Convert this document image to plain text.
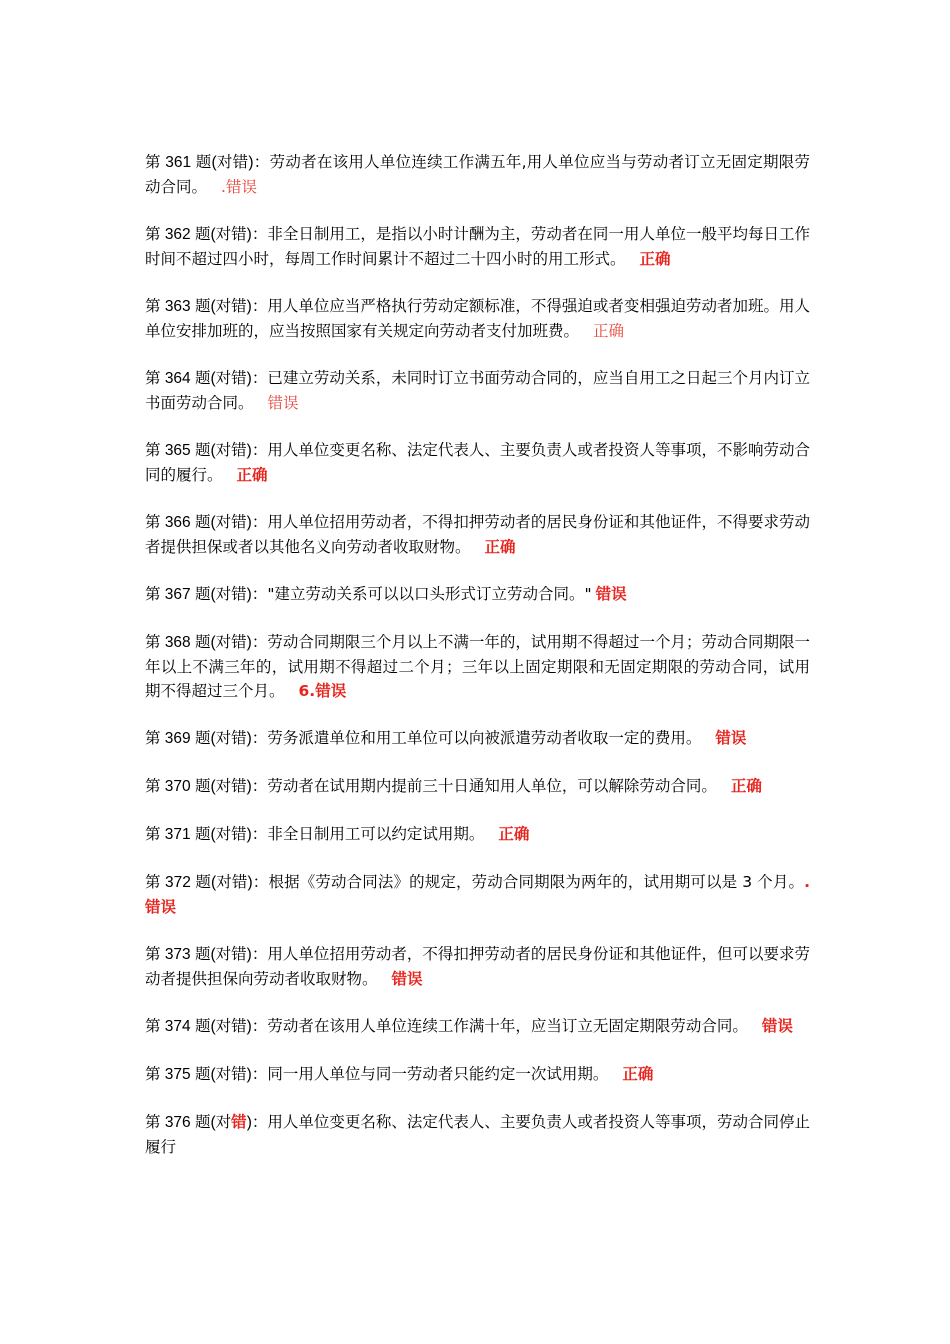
第 361 题(对错)：劳动者在该用人单位连续工作满五年,用人单位应当与劳动者订立无固定期限劳动合同。 .错误
第 362 题(对错)：非全日制用工，是指以小时计酬为主，劳动者在同一用人单位一般平均每日工作时间不超过四小时，每周工作时间累计不超过二十四小时的用工形式。 正确
第 363 题(对错)：用人单位应当严格执行劳动定额标准，不得强迫或者变相强迫劳动者加班。用人单位安排加班的，应当按照国家有关规定向劳动者支付加班费。 正确
第 364 题(对错)：已建立劳动关系，未同时订立书面劳动合同的，应当自用工之日起三个月内订立书面劳动合同。 错误
第 365 题(对错)：用人单位变更名称、法定代表人、主要负责人或者投资人等事项，不影响劳动合同的履行。 正确
第 366 题(对错)：用人单位招用劳动者，不得扣押劳动者的居民身份证和其他证件，不得要求劳动者提供担保或者以其他名义向劳动者收取财物。 正确
第 367 题(对错)："建立劳动关系可以以口头形式订立劳动合同。" 错误
第 368 题(对错)：劳动合同期限三个月以上不满一年的，试用期不得超过一个月；劳动合同期限一年以上不满三年的，试用期不得超过二个月；三年以上固定期限和无固定期限的劳动合同，试用期不得超过三个月。 6.错误
第 369 题(对错)：劳务派遣单位和用工单位可以向被派遣劳动者收取一定的费用。 错误
第 370 题(对错)：劳动者在试用期内提前三十日通知用人单位，可以解除劳动合同。 正确
第 371 题(对错)：非全日制用工可以约定试用期。 正确
第 372 题(对错)：根据《劳动合同法》的规定，劳动合同期限为两年的，试用期可以是 3 个月。.错误
第 373 题(对错)：用人单位招用劳动者，不得扣押劳动者的居民身份证和其他证件，但可以要求劳动者提供担保向劳动者收取财物。 错误
第 374 题(对错)：劳动者在该用人单位连续工作满十年，应当订立无固定期限劳动合同。 错误
第 375 题(对错)：同一用人单位与同一劳动者只能约定一次试用期。 正确
第 376 题(对错)：用人单位变更名称、法定代表人、主要负责人或者投资人等事项，劳动合同停止履行
